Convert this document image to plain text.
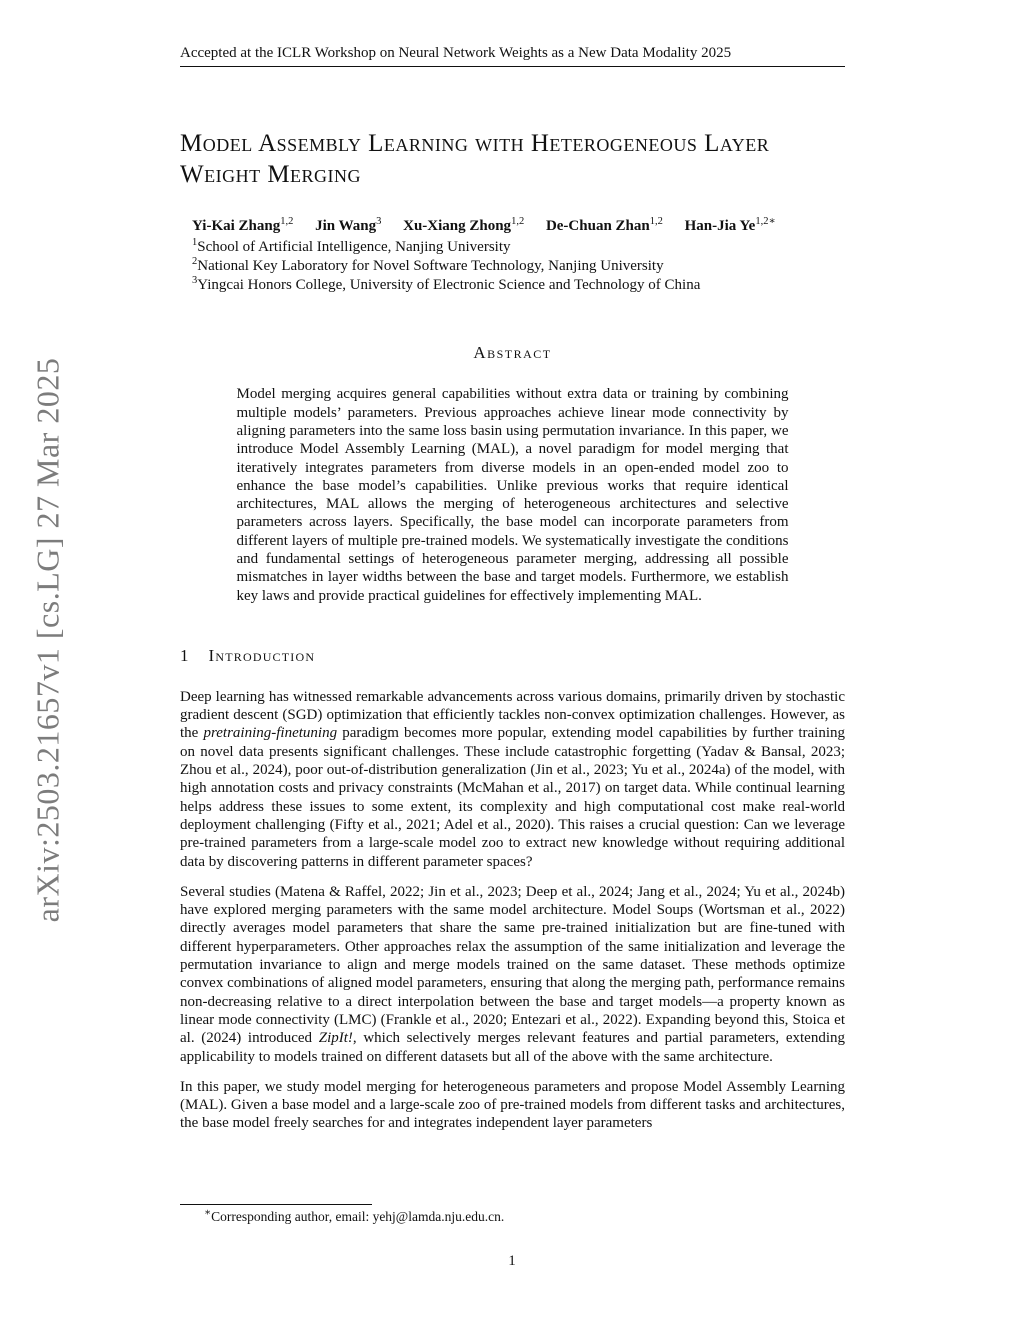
arXiv:2503.21657v1 [cs.LG] 27 Mar 2025
Accepted at the ICLR Workshop on Neural Network Weights as a New Data Modality 2025
Model Assembly Learning with Heterogeneous Layer Weight Merging
Yi-Kai Zhang$^{1,2}$ Jin Wang$^3$ Xu-Xiang Zhong$^{1,2}$ De-Chuan Zhan$^{1,2}$ Han-Jia $Ye^{1,2∗}$
$^1$School of Artificial Intelligence, Nanjing University
$^2$National Key Laboratory for Novel Software Technology, Nanjing University
$^3$Yingcai Honors College, University of Electronic Science and Technology of China
Abstract

Model merging acquires general capabilities without extra data or training by combining multiple models’ parameters. Previous approaches achieve linear mode connectivity by aligning parameters into the same loss basin using permutation invariance. In this paper, we introduce Model Assembly Learning (MAL), a novel paradigm for model merging that iteratively integrates parameters from diverse models in an open-ended model zoo to enhance the base model’s capabilities. Unlike previous works that require identical architectures, MAL allows the merging of heterogeneous architectures and selective parameters across layers. Specifically, the base model can incorporate parameters from different layers of multiple pre-trained models. We systematically investigate the conditions and fundamental settings of heterogeneous parameter merging, addressing all possible mismatches in layer widths between the base and target models. Furthermore, we establish key laws and provide practical guidelines for effectively implementing MAL.

1 Introduction

Deep learning has witnessed remarkable advancements across various domains, primarily driven by stochastic gradient descent (SGD) optimization that efficiently tackles non-convex optimization challenges. However, as the pretraining-finetuning paradigm becomes more popular, extending model capabilities by further training on novel data presents significant challenges. These include catastrophic forgetting (Yadav & Bansal, 2023; Zhou et al., 2024), poor out-of-distribution generalization (Jin et al., 2023; Yu et al., 2024a) of the model, with high annotation costs and privacy constraints (McMahan et al., 2017) on target data. While continual learning helps address these issues to some extent, its complexity and high computational cost make real-world deployment challenging (Fifty et al., 2021; Adel et al., 2020). This raises a crucial question: Can we leverage pre-trained parameters from a large-scale model zoo to extract new knowledge without requiring additional data by discovering patterns in different parameter spaces?

Several studies (Matena & Raffel, 2022; Jin et al., 2023; Deep et al., 2024; Jang et al., 2024; Yu et al., 2024b) have explored merging parameters with the same model architecture. Model Soups (Wortsman et al., 2022) directly averages model parameters that share the same pre-trained initialization but are fine-tuned with different hyperparameters. Other approaches relax the assumption of the same initialization and leverage the permutation invariance to align and merge models trained on the same dataset. These methods optimize convex combinations of aligned model parameters, ensuring that along the merging path, performance remains non-decreasing relative to a direct interpolation between the base and target models—a property known as linear mode connectivity (LMC) (Frankle et al., 2020; Entezari et al., 2022). Expanding beyond this, Stoica et al. (2024) introduced ZipIt!, which selectively merges relevant features and partial parameters, extending applicability to models trained on different datasets but all of the above with the same architecture.

In this paper, we study model merging for heterogeneous parameters and propose Model Assembly Learning (MAL). Given a base model and a large-scale zoo of pre-trained models from different tasks and architectures, the base model freely searches for and integrates independent layer parameters

∗Corresponding author, email: yehj@lamda.nju.edu.cn.
1
